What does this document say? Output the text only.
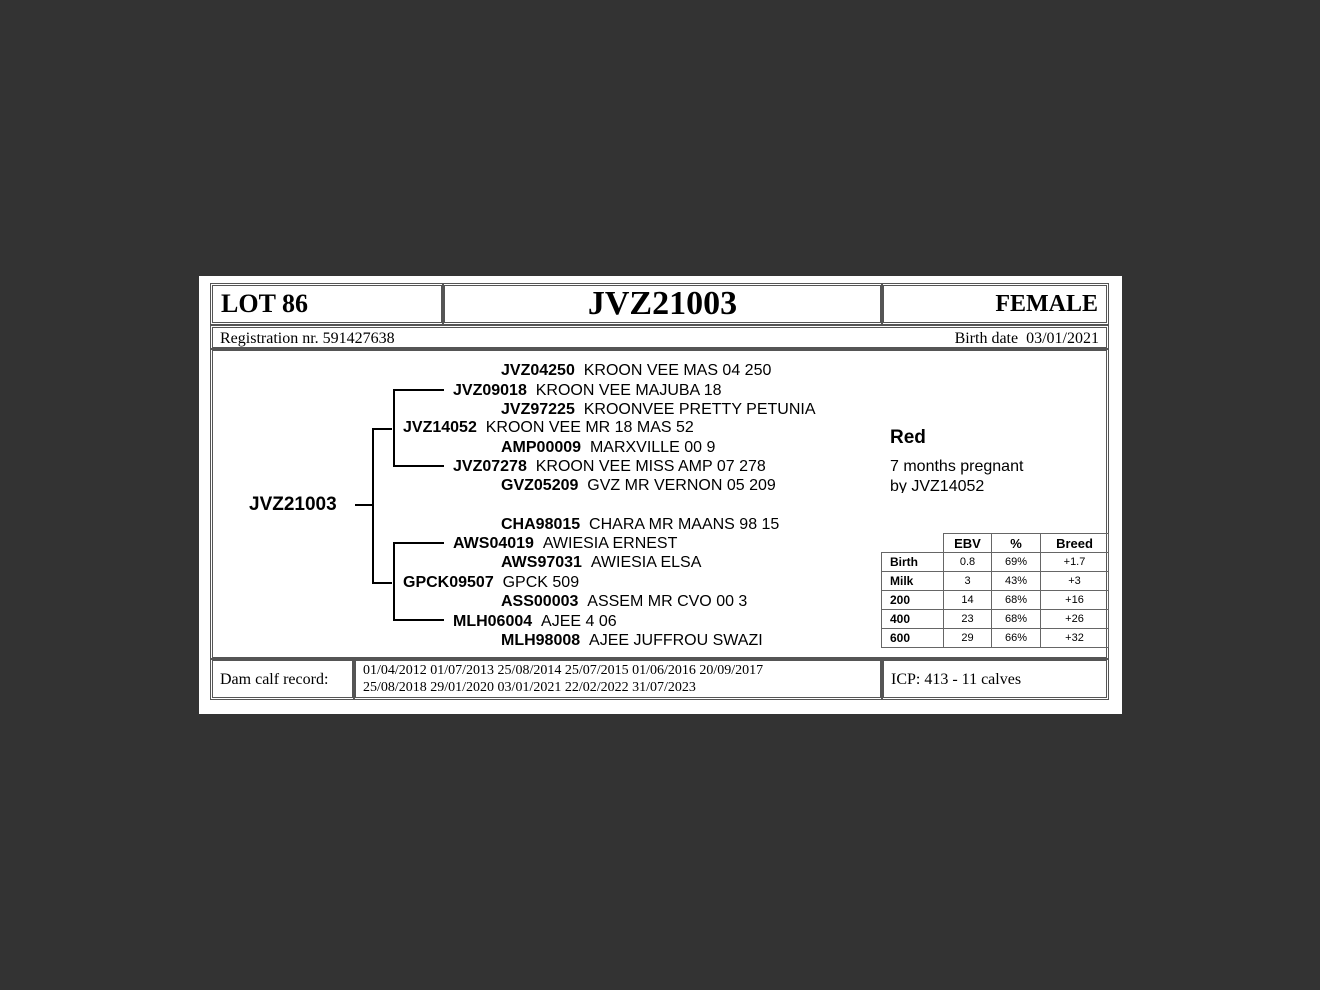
LOT 86	JVZ21003	FEMALE
Registration nr. 591427638	Birth date  03/01/2021
JVZ21003
JVZ04250 KROON VEE MAS 04 250
JVZ09018 KROON VEE MAJUBA 18
JVZ97225 KROONVEE PRETTY PETUNIA
JVZ14052 KROON VEE MR 18 MAS 52
AMP00009 MARXVILLE 00 9
JVZ07278 KROON VEE MISS AMP 07 278
GVZ05209 GVZ MR VERNON 05 209
CHA98015 CHARA MR MAANS 98 15
AWS04019 AWIESIA ERNEST
AWS97031 AWIESIA ELSA
GPCK09507 GPCK 509
ASS00003 ASSEM MR CVO 00 3
MLH06004 AJEE 4 06
MLH98008 AJEE JUFFROU SWAZI
Red
7 months pregnant
by JVZ14052
	EBV	%	Breed
Birth	0.8	69%	+1.7
Milk	3	43%	+3
200	14	68%	+16
400	23	68%	+26
600	29	66%	+32
Dam calf record:
01/04/2012 01/07/2013 25/08/2014 25/07/2015 01/06/2016 20/09/2017
25/08/2018 29/01/2020 03/01/2021 22/02/2022 31/07/2023	ICP: 413 - 11 calves
